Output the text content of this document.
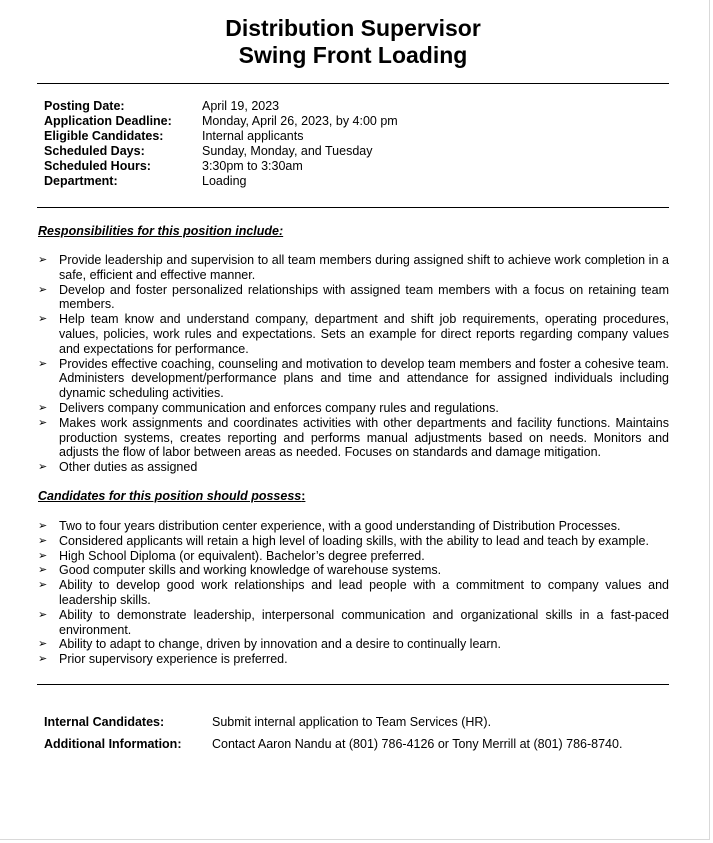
Distribution Supervisor
Swing Front Loading
Posting Date:	April 19, 2023
Application Deadline:	Monday, April 26, 2023, by 4:00 pm
Eligible Candidates:	Internal applicants
Scheduled Days:	Sunday, Monday, and Tuesday
Scheduled Hours:	3:30pm to 3:30am
Department:	Loading
Responsibilities for this position include:
➢ Provide leadership and supervision to all team members during assigned shift to achieve work completion in a safe, efficient and effective manner.
➢ Develop and foster personalized relationships with assigned team members with a focus on retaining team members.
➢ Help team know and understand company, department and shift job requirements, operating procedures, values, policies, work rules and expectations. Sets an example for direct reports regarding company values and expectations for performance.
➢ Provides effective coaching, counseling and motivation to develop team members and foster a cohesive team. Administers development/performance plans and time and attendance for assigned individuals including dynamic scheduling activities.
➢ Delivers company communication and enforces company rules and regulations.
➢ Makes work assignments and coordinates activities with other departments and facility functions. Maintains production systems, creates reporting and performs manual adjustments based on needs. Monitors and adjusts the flow of labor between areas as needed. Focuses on standards and damage mitigation.
➢ Other duties as assigned
Candidates for this position should possess:
➢ Two to four years distribution center experience, with a good understanding of Distribution Processes.
➢ Considered applicants will retain a high level of loading skills, with the ability to lead and teach by example.
➢ High School Diploma (or equivalent). Bachelor’s degree preferred.
➢ Good computer skills and working knowledge of warehouse systems.
➢ Ability to develop good work relationships and lead people with a commitment to company values and leadership skills.
➢ Ability to demonstrate leadership, interpersonal communication and organizational skills in a fast-paced environment.
➢ Ability to adapt to change, driven by innovation and a desire to continually learn.
➢ Prior supervisory experience is preferred.
Internal Candidates:	Submit internal application to Team Services (HR).
Additional Information:	Contact Aaron Nandu at (801) 786-4126 or Tony Merrill at (801) 786-8740.
